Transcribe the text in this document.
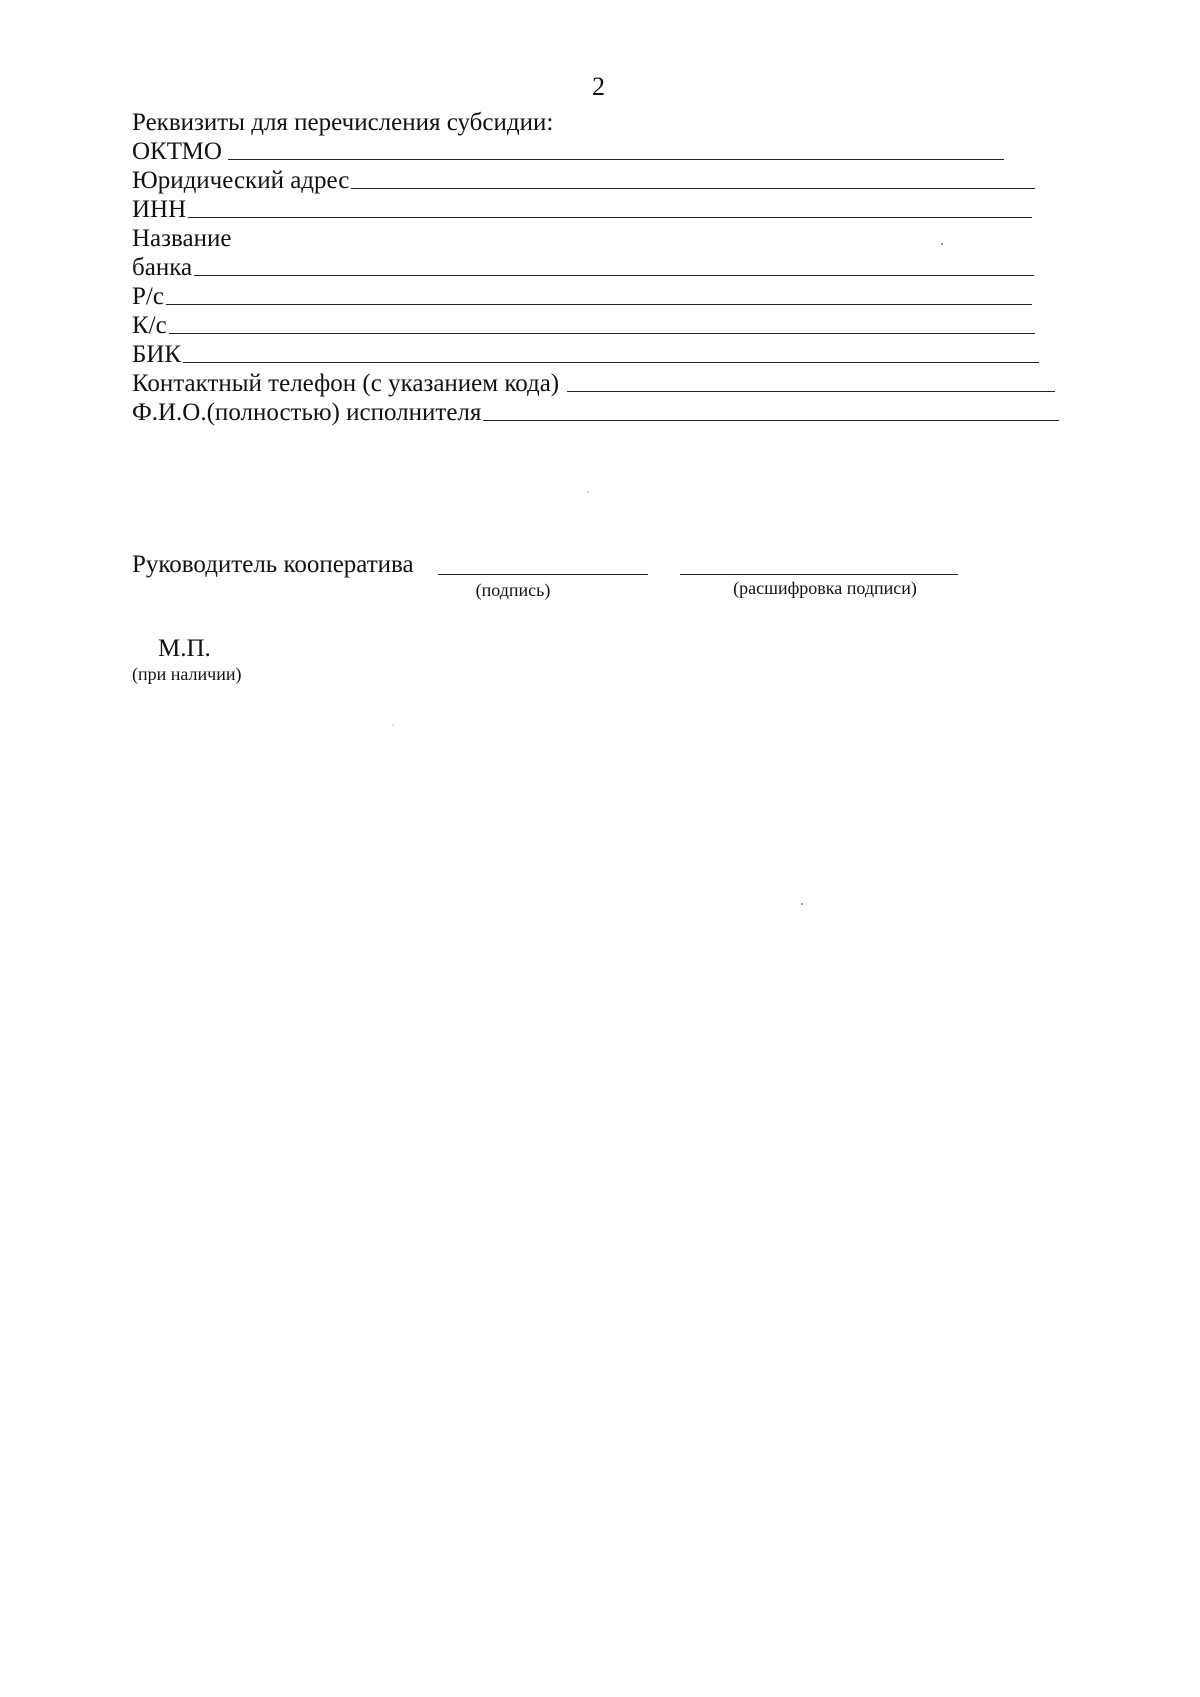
2
Реквизиты для перечисления субсидии:
ОКТМО
Юридический адрес
ИНН
Название
банка
Р/с
К/с
БИК
Контактный телефон (с указанием кода)
Ф.И.О.(полностью) исполнителя
Руководитель кооператива
(подпись)	(расшифровка подписи)
М.П.
(при наличии)
